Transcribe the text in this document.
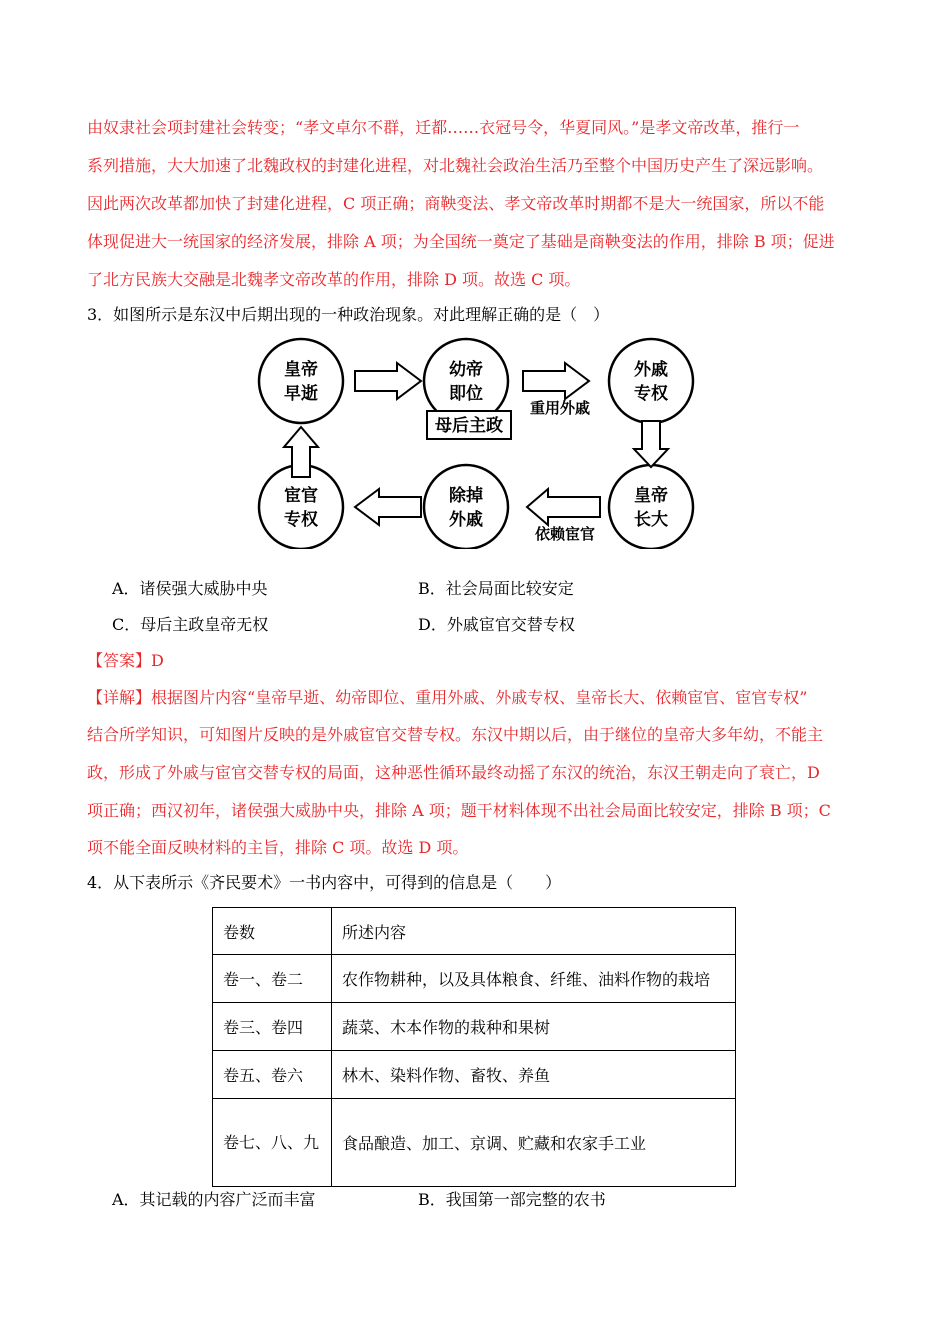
由奴隶社会项封建社会转变；“孝文卓尔不群，迁都……衣冠号令，华夏同风。”是孝文帝改革，推行一
系列措施，大大加速了北魏政权的封建化进程，对北魏社会政治生活乃至整个中国历史产生了深远影响。
因此两次改革都加快了封建化进程，C 项正确；商鞅变法、孝文帝改革时期都不是大一统国家，所以不能
体现促进大一统国家的经济发展，排除 A 项；为全国统一奠定了基础是商鞅变法的作用，排除 B 项；促进
了北方民族大交融是北魏孝文帝改革的作用，排除 D 项。故选 C 项。
3．如图所示是东汉中后期出现的一种政治现象。对此理解正确的是（　）
皇帝
早逝
幼帝
即位
宦官
专权
除掉
外戚
母后主政
重用外戚
依赖宦官
外戚
专权
皇帝
长大
A．诸侯强大威胁中央	B．社会局面比较安定
C．母后主政皇帝无权	D．外戚宦官交替专权
【答案】D
【详解】根据图片内容“皇帝早逝、幼帝即位、重用外戚、外戚专权、皇帝长大、依赖宦官、宦官专权”
结合所学知识，可知图片反映的是外戚宦官交替专权。东汉中期以后，由于继位的皇帝大多年幼，不能主
政，形成了外戚与宦官交替专权的局面，这种恶性循环最终动摇了东汉的统治，东汉王朝走向了衰亡，D
项正确；西汉初年，诸侯强大威胁中央，排除 A 项；题干材料体现不出社会局面比较安定，排除 B 项；C
项不能全面反映材料的主旨，排除 C 项。故选 D 项。
4．从下表所示《齐民要术》一书内容中，可得到的信息是（　　）
卷数	所述内容
卷一、卷二	农作物耕种，以及具体粮食、纤维、油料作物的栽培
卷三、卷四	蔬菜、木本作物的栽种和果树
卷五、卷六	林木、染料作物、畜牧、养鱼
卷七、八、九	食品酿造、加工、京调、贮藏和农家手工业
A．其记载的内容广泛而丰富	B．我国第一部完整的农书
